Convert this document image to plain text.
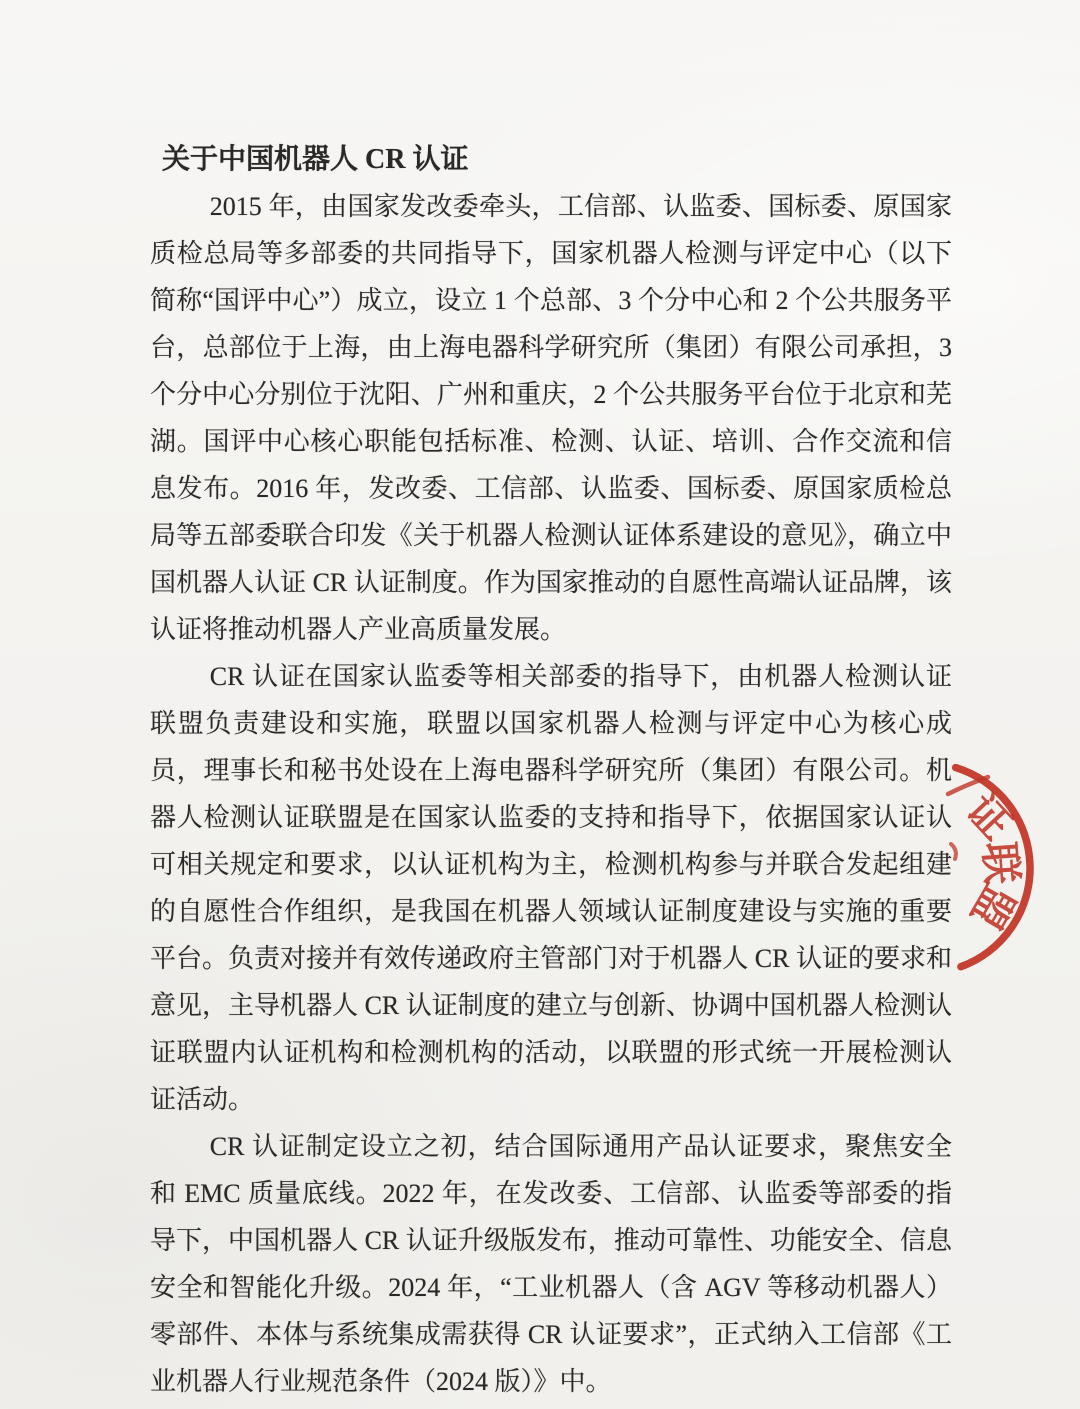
关于中国机器人 CR 认证

2015 年，由国家发改委牵头，工信部、认监委、国标委、原国家质检总局等多部委的共同指导下，国家机器人检测与评定中心（以下简称“国评中心”）成立，设立 1 个总部、3 个分中心和 2 个公共服务平台，总部位于上海，由上海电器科学研究所（集团）有限公司承担，3 个分中心分别位于沈阳、广州和重庆，2 个公共服务平台位于北京和芜湖。国评中心核心职能包括标准、检测、认证、培训、合作交流和信息发布。2016 年，发改委、工信部、认监委、国标委、原国家质检总局等五部委联合印发《关于机器人检测认证体系建设的意见》，确立中国机器人认证 CR 认证制度。作为国家推动的自愿性高端认证品牌，该认证将推动机器人产业高质量发展。

CR 认证在国家认监委等相关部委的指导下，由机器人检测认证联盟负责建设和实施，联盟以国家机器人检测与评定中心为核心成员，理事长和秘书处设在上海电器科学研究所（集团）有限公司。机器人检测认证联盟是在国家认监委的支持和指导下，依据国家认证认可相关规定和要求，以认证机构为主，检测机构参与并联合发起组建的自愿性合作组织，是我国在机器人领域认证制度建设与实施的重要平台。负责对接并有效传递政府主管部门对于机器人 CR 认证的要求和意见，主导机器人 CR 认证制度的建立与创新、协调中国机器人检测认证联盟内认证机构和检测机构的活动，以联盟的形式统一开展检测认证活动。

CR 认证制定设立之初，结合国际通用产品认证要求，聚焦安全和 EMC 质量底线。2022 年，在发改委、工信部、认监委等部委的指导下，中国机器人 CR 认证升级版发布，推动可靠性、功能安全、信息安全和智能化升级。2024 年，“工业机器人（含 AGV 等移动机器人）零部件、本体与系统集成需获得 CR 认证要求”，正式纳入工信部《工业机器人行业规范条件（2024 版）》中。

证
联
盟
